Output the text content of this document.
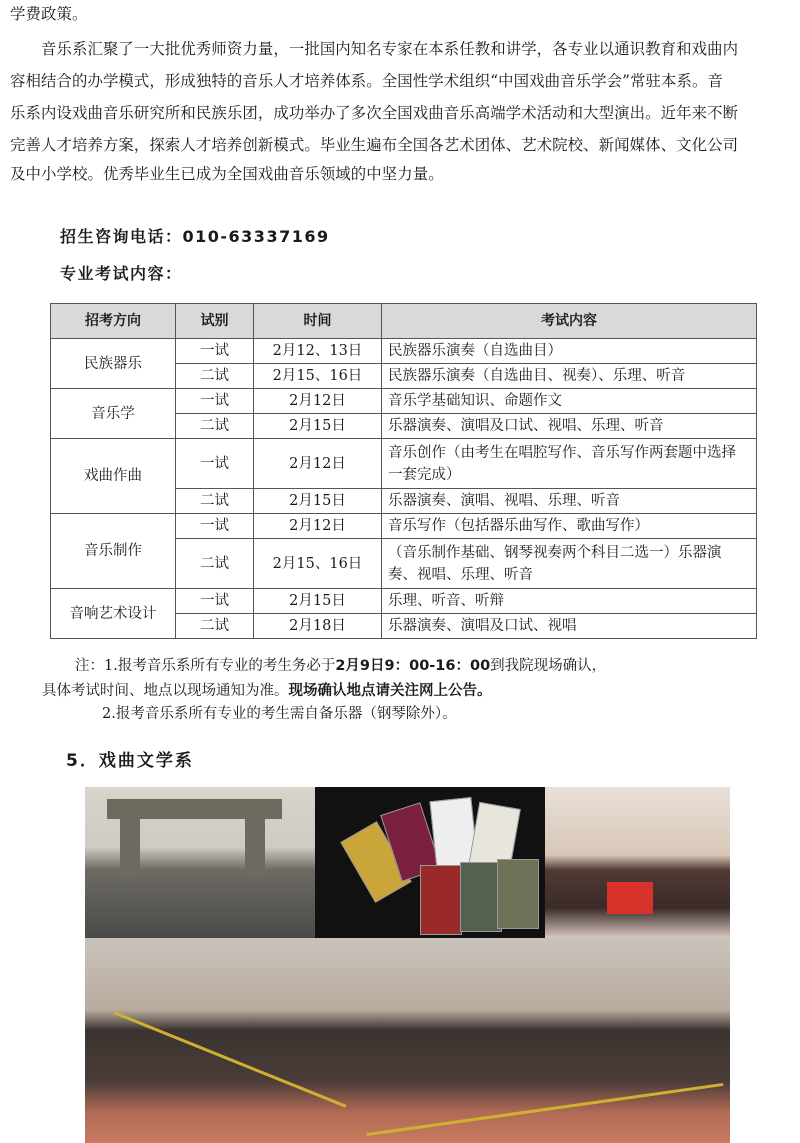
学费政策。
　　音乐系汇聚了一大批优秀师资力量，一批国内知名专家在本系任教和讲学，各专业以通识教育和戏曲内
容相结合的办学模式，形成独特的音乐人才培养体系。全国性学术组织“中国戏曲音乐学会”常驻本系。音
乐系内设戏曲音乐研究所和民族乐团，成功举办了多次全国戏曲音乐高端学术活动和大型演出。近年来不断
完善人才培养方案，探索人才培养创新模式。毕业生遍布全国各艺术团体、艺术院校、新闻媒体、文化公司
及中小学校。优秀毕业生已成为全国戏曲音乐领域的中坚力量。
招生咨询电话：010-63337169
专业考试内容：
招考方向	试别	时间	考试内容
民族器乐	一试	2月12、13日	民族器乐演奏（自选曲目）
	二试	2月15、16日	民族器乐演奏（自选曲目、视奏）、乐理、听音
音乐学	一试	2月12日	音乐学基础知识、命题作文
	二试	2月15日	乐器演奏、演唱及口试、视唱、乐理、听音
戏曲作曲	一试	2月12日	音乐创作（由考生在唱腔写作、音乐写作两套题中选择一套完成）
	二试	2月15日	乐器演奏、演唱、视唱、乐理、听音
音乐制作	一试	2月12日	音乐写作（包括器乐曲写作、歌曲写作）
	二试	2月15、16日	（音乐制作基础、钢琴视奏两个科目二选一）乐器演奏、视唱、乐理、听音
音响艺术设计	一试	2月15日	乐理、听音、听辩
	二试	2月18日	乐器演奏、演唱及口试、视唱
注：1.报考音乐系所有专业的考生务必于2月9日9：00-16：00到我院现场确认，
具体考试时间、地点以现场通知为准。现场确认地点请关注网上公告。
2.报考音乐系所有专业的考生需自备乐器（钢琴除外）。
5．戏曲文学系
